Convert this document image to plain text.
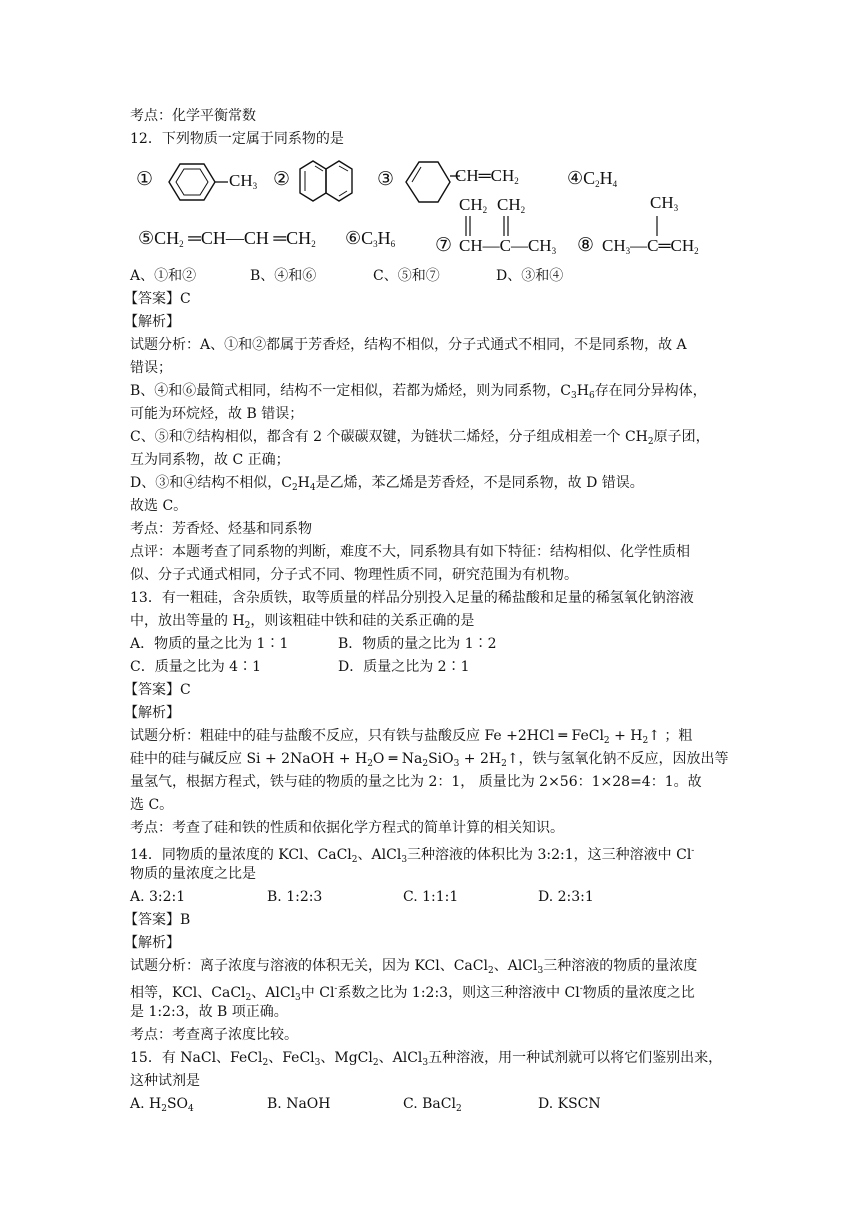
考点：化学平衡常数
12．下列物质一定属于同系物的是
①	$CH_3$ ②	③	$CH═CH_2$	$④C_2H_4$
$⑤CH_2$ ═CH—CH $═CH_2$ $⑥C_3H_6$ ⑦
$CH_2$ $CH_2$
$CH—C—CH_3$ ⑧
$CH_3$
$CH_3—C═CH_2$
A、①和②	B、④和⑥	C、⑤和⑦	D、③和④
【答案】C
【解析】
试题分析：A、①和②都属于芳香烃，结构不相似，分子式通式不相同，不是同系物，故 A
错误；
B、④和⑥最简式相同，结构不一定相似，若都为烯烃，则为同系物，$C_3H_6$存在同分异构体，
可能为环烷烃，故 B 错误；
C、⑤和⑦结构相似，都含有 2 个碳碳双键，为链状二烯烃，分子组成相差一个 $CH_2$原子团，
互为同系物，故 C 正确；
D、③和④结构不相似，$C_2H_4$是乙烯，苯乙烯是芳香烃，不是同系物，故 D 错误。
故选 C。
考点：芳香烃、烃基和同系物
点评：本题考查了同系物的判断，难度不大，同系物具有如下特征：结构相似、化学性质相
似、分子式通式相同，分子式不同、物理性质不同，研究范围为有机物。
13．有一粗硅，含杂质铁，取等质量的样品分别投入足量的稀盐酸和足量的稀氢氧化钠溶液
中，放出等量的 $H_2$，则该粗硅中铁和硅的关系正确的是
A．物质的量之比为 1∶1	B．物质的量之比为 1∶2
C．质量之比为 4∶1	D．质量之比为 2∶1
【答案】C
【解析】
试题分析：粗硅中的硅与盐酸不反应，只有铁与盐酸反应 Fe +2HCl ═ FeCl$_2$ + $H_2↑$ ；粗
硅中的硅与碱反应 Si + 2NaOH + $H_2O$ ═ $Na_2SiO_3$ + $2H_2↑$，铁与氢氧化钠不反应，因放出等
量氢气，根据方程式，铁与硅的物质的量之比为 2：1， 质量比为 2×56：1×28=4：1。故
选 C。
考点：考查了硅和铁的性质和依据化学方程式的简单计算的相关知识。
14．同物质的量浓度的 KCl、CaCl$_2$、AlCl$_3$三种溶液的体积比为 3:2:1，这三种溶液中 Cl-
物质的量浓度之比是
A. 3:2:1	B. 1:2:3	C. 1:1:1	D. 2:3:1
【答案】B
【解析】
试题分析：离子浓度与溶液的体积无关，因为 KCl、CaCl$_2$、AlCl$_3$三种溶液的物质的量浓度
相等，KCl、CaCl$_2$、AlCl$_3$中 Cl-系数之比为 1:2:3，则这三种溶液中 Cl-物质的量浓度之比
是 1:2:3，故 B 项正确。
考点：考查离子浓度比较。
15．有 NaCl、FeCl$_2$、FeCl$_3$、MgCl$_2$、AlCl$_3$五种溶液，用一种试剂就可以将它们鉴别出来，
这种试剂是
A. $H_2SO_4$	B. NaOH	C. BaCl$_2$	D. KSCN
